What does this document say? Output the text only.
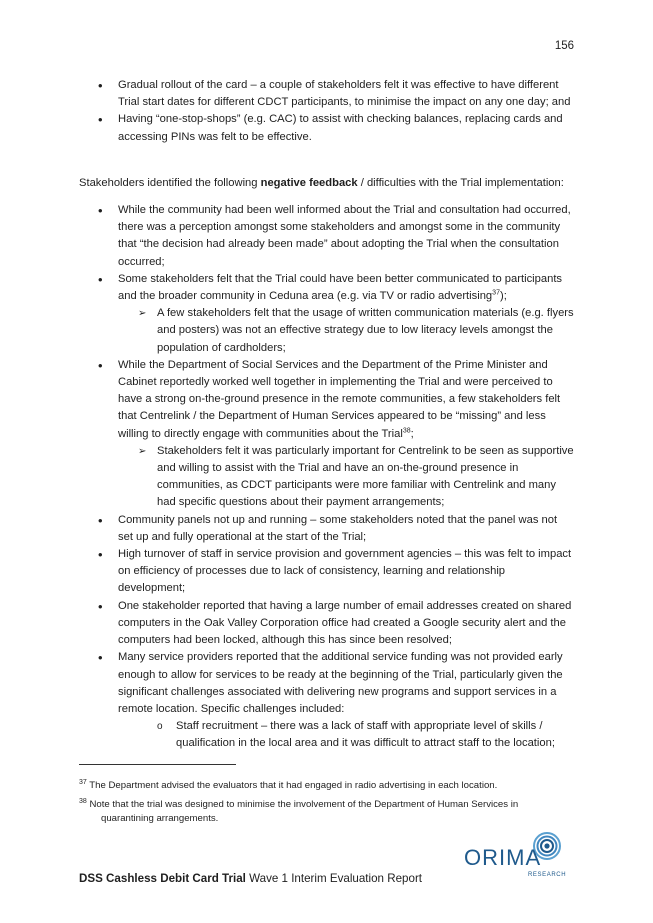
156
• Gradual rollout of the card – a couple of stakeholders felt it was effective to have different Trial start dates for different CDCT participants, to minimise the impact on any one day; and
• Having “one-stop-shops” (e.g. CAC) to assist with checking balances, replacing cards and accessing PINs was felt to be effective.

Stakeholders identified the following negative feedback / difficulties with the Trial implementation:

• While the community had been well informed about the Trial and consultation had occurred, there was a perception amongst some stakeholders and amongst some in the community that “the decision had already been made” about adopting the Trial when the consultation occurred;
• Some stakeholders felt that the Trial could have been better communicated to participants and the broader community in Ceduna area (e.g. via TV or radio advertising$^{37}$);
➢ A few stakeholders felt that the usage of written communication materials (e.g. flyers and posters) was not an effective strategy due to low literacy levels amongst the population of cardholders;
• While the Department of Social Services and the Department of the Prime Minister and Cabinet reportedly worked well together in implementing the Trial and were perceived to have a strong on-the-ground presence in the remote communities, a few stakeholders felt that Centrelink / the Department of Human Services appeared to be “missing” and less willing to directly engage with communities about the Trial$^{38}$;
➢ Stakeholders felt it was particularly important for Centrelink to be seen as supportive and willing to assist with the Trial and have an on-the-ground presence in communities, as CDCT participants were more familiar with Centrelink and many had specific questions about their payment arrangements;
• Community panels not up and running – some stakeholders noted that the panel was not set up and fully operational at the start of the Trial;
• High turnover of staff in service provision and government agencies – this was felt to impact on efficiency of processes due to lack of consistency, learning and relationship development;
• One stakeholder reported that having a large number of email addresses created on shared computers in the Oak Valley Corporation office had created a Google security alert and the computers had been locked, although this has since been resolved;
• Many service providers reported that the additional service funding was not provided early enough to allow for services to be ready at the beginning of the Trial, particularly given the significant challenges associated with delivering new programs and support services in a remote location. Specific challenges included:
o Staff recruitment – there was a lack of staff with appropriate level of skills / qualification in the local area and it was difficult to attract staff to the location;
$^{37}$ The Department advised the evaluators that it had engaged in radio advertising in each location.
$^{38}$ Note that the trial was designed to minimise the involvement of the Department of Human Services in
quarantining arrangements.
DSS Cashless Debit Card Trial Wave 1 Interim Evaluation Report
ORIMA
RESEARCH
